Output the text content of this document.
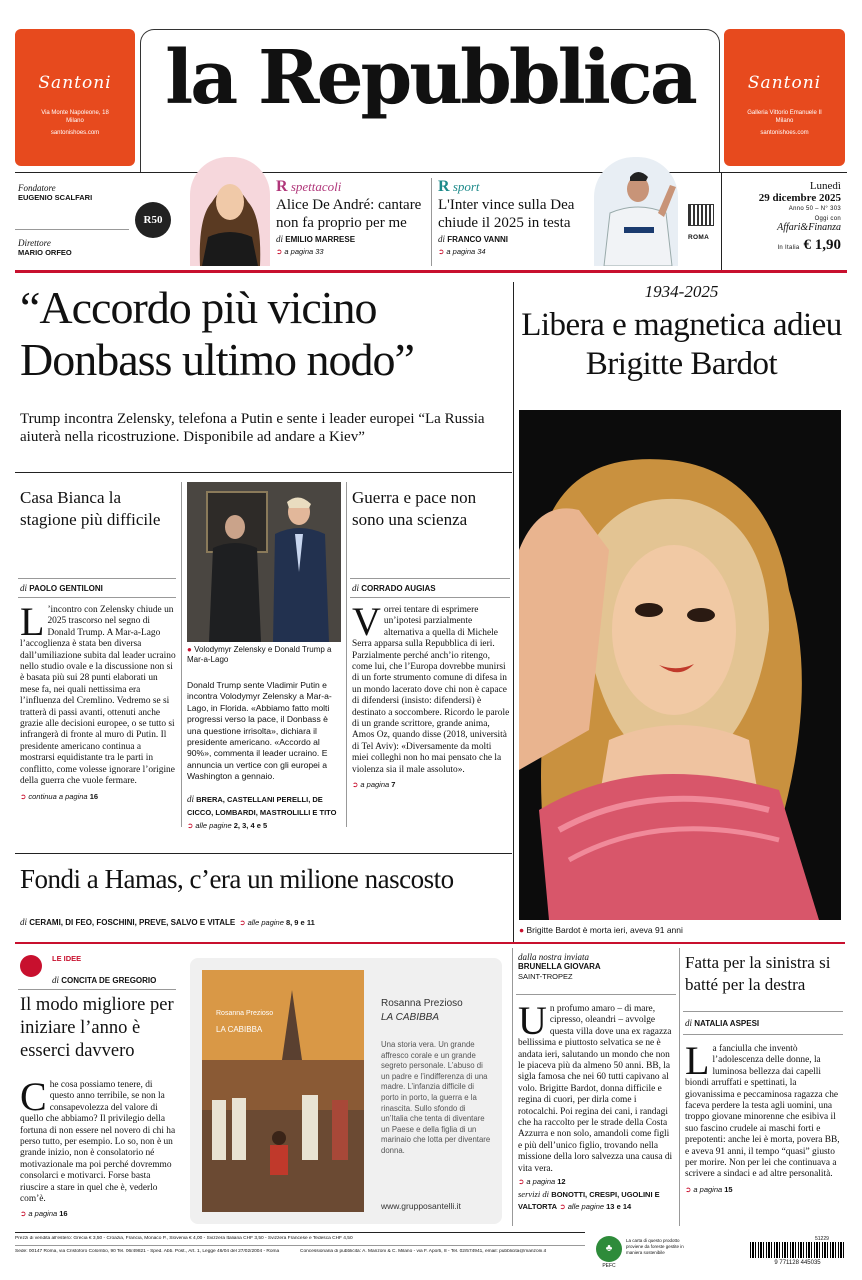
Santoni
Via Monte Napoleone, 18
Milano
santonishoes.com
Santoni
Galleria Vittorio Emanuele II
Milano
santonishoes.com
la Repubblica
Fondatore
EUGENIO SCALFARI
Direttore
MARIO ORFEO
R50
R spettacoli
Alice De André: cantare non fa proprio per me
di EMILIO MARRESE
➲ a pagina 33
R sport
L'Inter vince sulla Dea chiude il 2025 in testa
di FRANCO VANNI
➲ a pagina 34
ROMA
Lunedì
29 dicembre 2025
Anno 50 – N° 303
Oggi con
Affari&Finanza
In Italia € 1,90
“Accordo più vicino Donbass ultimo nodo”
Trump incontra Zelensky, telefona a Putin e sente i leader europei “La Russia aiuterà nella ricostruzione. Disponibile ad andare a Kiev”
Casa Bianca la stagione più difficile
di PAOLO GENTILONI
L ’incontro con Zelensky chiude un 2025 trascorso nel segno di Donald Trump. A Mar-a-Lago l’accoglienza è stata ben diversa dall’umiliazione subita dal leader ucraino nello studio ovale e la discussione non si è basata più sui 28 punti elaborati un mese fa, nei quali nettissima era l’influenza del Cremlino. Vedremo se si tratterà di passi avanti, ottenuti anche grazie alle decisioni europee, o se tutto si infrangerà di fronte al muro di Putin. Il presidente americano continua a mostrarsi equidistante tra le parti in conflitto, come volesse ignorare l’origine della guerra che vuole fermare.
➲ continua a pagina 16
● Volodymyr Zelensky e Donald Trump a Mar-a-Lago
Donald Trump sente Vladimir Putin e incontra Volodymyr Zelensky a Mar-a-Lago, in Florida. «Abbiamo fatto molti progressi verso la pace, il Donbass è una questione irrisolta», dichiara il presidente americano. «Accordo al 90%», commenta il leader ucraino. E annuncia un vertice con gli europei a Washington a gennaio.
di BRERA, CASTELLANI PERELLI, DE CICCO, LOMBARDI, MASTROLILLI E TITO ➲ alle pagine 2, 3, 4 e 5
Guerra e pace non sono una scienza
di CORRADO AUGIAS
Vorrei tentare di esprimere un’ipotesi parzialmente alternativa a quella di Michele Serra apparsa sulla Repubblica di ieri. Parzialmente perché anch’io ritengo, come lui, che l’Europa dovrebbe munirsi di un forte strumento comune di difesa in un mondo lacerato dove chi non è capace di difendersi (insisto: difendersi) è destinato a soccombere. Ricordo le parole di un grande scrittore, grande anima, Amos Oz, quando disse (2018, università di Tel Aviv): «Diversamente da molti miei colleghi non ho mai pensato che la violenza sia il male assoluto».
➲ a pagina 7
1934-2025
Libera e magnetica adieu Brigitte Bardot
● Brigitte Bardot è morta ieri, aveva 91 anni
Fondi a Hamas, c’era un milione nascosto
di CERAMI, DI FEO, FOSCHINI, PREVE, SALVO E VITALE ➲ alle pagine 8, 9 e 11
LE IDEE
di CONCITA DE GREGORIO
Il modo migliore per iniziare l’anno è esserci davvero
Che cosa possiamo tenere, di questo anno terribile, se non la consapevolezza del valore di quello che abbiamo? Il privilegio della fortuna di non essere nel novero di chi ha perso tutto, per esempio. Lo so, non è un grande inizio, non è consolatorio né motivazionale ma poi perché dovremmo consolarci e motivarci. Forse basta riuscire a stare in quel che è, vederlo com’è.
➲ a pagina 16
Rosanna Prezioso
LA CABIBBA
Rosanna Prezioso
LA CABIBBA
Una storia vera. Un grande affresco corale e un grande segreto personale. L’abuso di un padre e l’indifferenza di una madre. L’infanzia difficile di porto in porto, la guerra e la rinascita. Sullo sfondo di un’Italia che tenta di diventare un Paese e della figlia di un marinaio che lotta per diventare donna.
www.grupposantelli.it
dalla nostra inviata
BRUNELLA GIOVARA
SAINT-TROPEZ
Un profumo amaro – di mare, cipresso, oleandri – avvolge questa villa dove una ex ragazza bellissima e piuttosto selvatica se ne è andata ieri, salutando un mondo che non le piaceva più da almeno 50 anni. BB, la sigla famosa che nei 60 tutti capivano al volo. Brigitte Bardot, donna difficile e regina di cuori, per dirla come i rotocalchi. Poi regina dei cani, i randagi che ha raccolto per le strade della Costa Azzurra e non solo, amandoli come figli e più dell’unico figlio, trovando nella missione della loro salvezza una causa di vita vera.
➲ a pagina 12
servizi di BONOTTI, CRESPI, UGOLINI E VALTORTA ➲ alle pagine 13 e 14
Fatta per la sinistra si batté per la destra
di NATALIA ASPESI
La fanciulla che inventò l’adolescenza delle donne, la luminosa bellezza dai capelli biondi arruffati e spettinati, la giovanissima e peccaminosa ragazza che faceva perdere la testa agli uomini, una troppo giovane minorenne che esibiva il suo fascino crudele ai maschi forti e prepotenti: anche lei è morta, povera BB, e aveva 91 anni, il tempo “quasi” giusto per morire. Non per lei che continuava a scrivere a sindaci e ad altre personalità.
➲ a pagina 15
Prezzi di vendita all’estero: Grecia € 3,50 - Croazia, Francia, Monaco P., Slovenia € 4,00 - Svizzera Italiana CHF 3,50 - Svizzera Francese e Tedesca CHF 4,50
Sede: 00147 Roma, via Cristoforo Colombo, 90 Tel. 06/49821 - Sped. Abb. Post., Art. 1, Legge 46/04 del 27/02/2004 - Roma	Concessionaria di pubblicità: A. Manzoni & C. Milano - via F. Aporti, 8 - Tel. 02/574941, email: pubblicita@manzoni.it	♣
PEFC
La carta di questo prodotto proviene da foreste gestite in maniera sostenibile
51229
9 771128 445035
